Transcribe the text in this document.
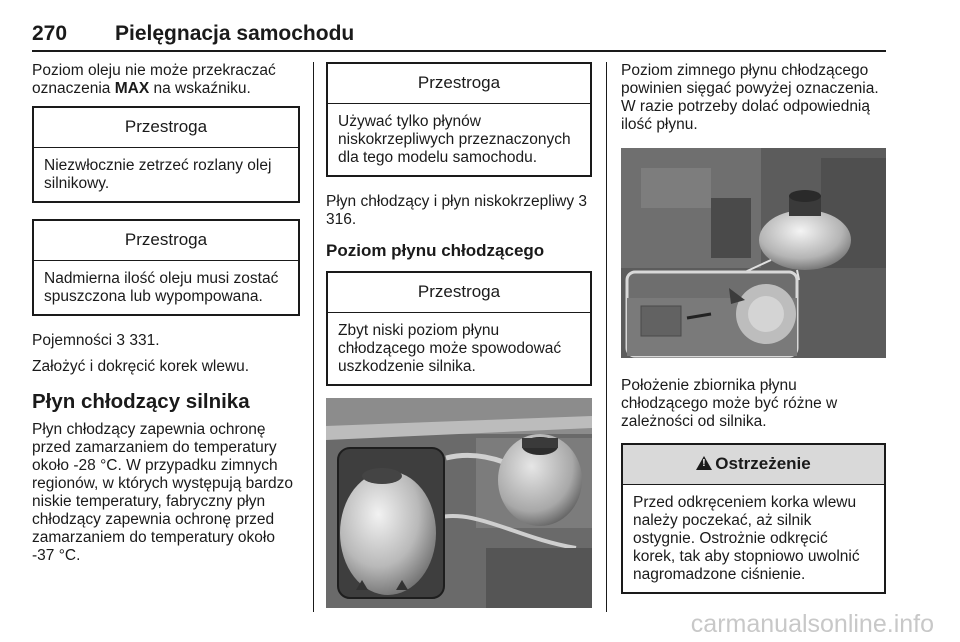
270 Pielęgnacja samochodu

Poziom oleju nie może przekraczać oznaczenia MAX na wskaźniku.

Przestroga
Niezwłocznie zetrzeć rozlany olej silnikowy.
Przestroga
Nadmierna ilość oleju musi zostać spuszczona lub wypompowana.

Pojemności 3 331.

Założyć i dokręcić korek wlewu.

Płyn chłodzący silnika

Płyn chłodzący zapewnia ochronę przed zamarzaniem do temperatury około -28 °C. W przypadku zimnych regionów, w których występują bardzo niskie temperatury, fabryczny płyn chłodzący zapewnia ochronę przed zamarzaniem do temperatury około -37 °C.

Przestroga
Używać tylko płynów niskokrzepliwych przeznaczonych dla tego modelu samochodu.

Płyn chłodzący i płyn niskokrzepliwy 3 316.

Poziom płynu chłodzącego
Przestroga
Zbyt niski poziom płynu chłodzącego może spowodować uszkodzenie silnika.

Poziom zimnego płynu chłodzącego powinien sięgać powyżej oznaczenia. W razie potrzeby dolać odpowiednią ilość płynu.

Położenie zbiornika płynu chłodzącego może być różne w zależności od silnika.

!Ostrzeżenie
Przed odkręceniem korka wlewu należy poczekać, aż silnik ostygnie. Ostrożnie odkręcić korek, tak aby stopniowo uwolnić nagromadzone ciśnienie.
carmanualsonline.info
